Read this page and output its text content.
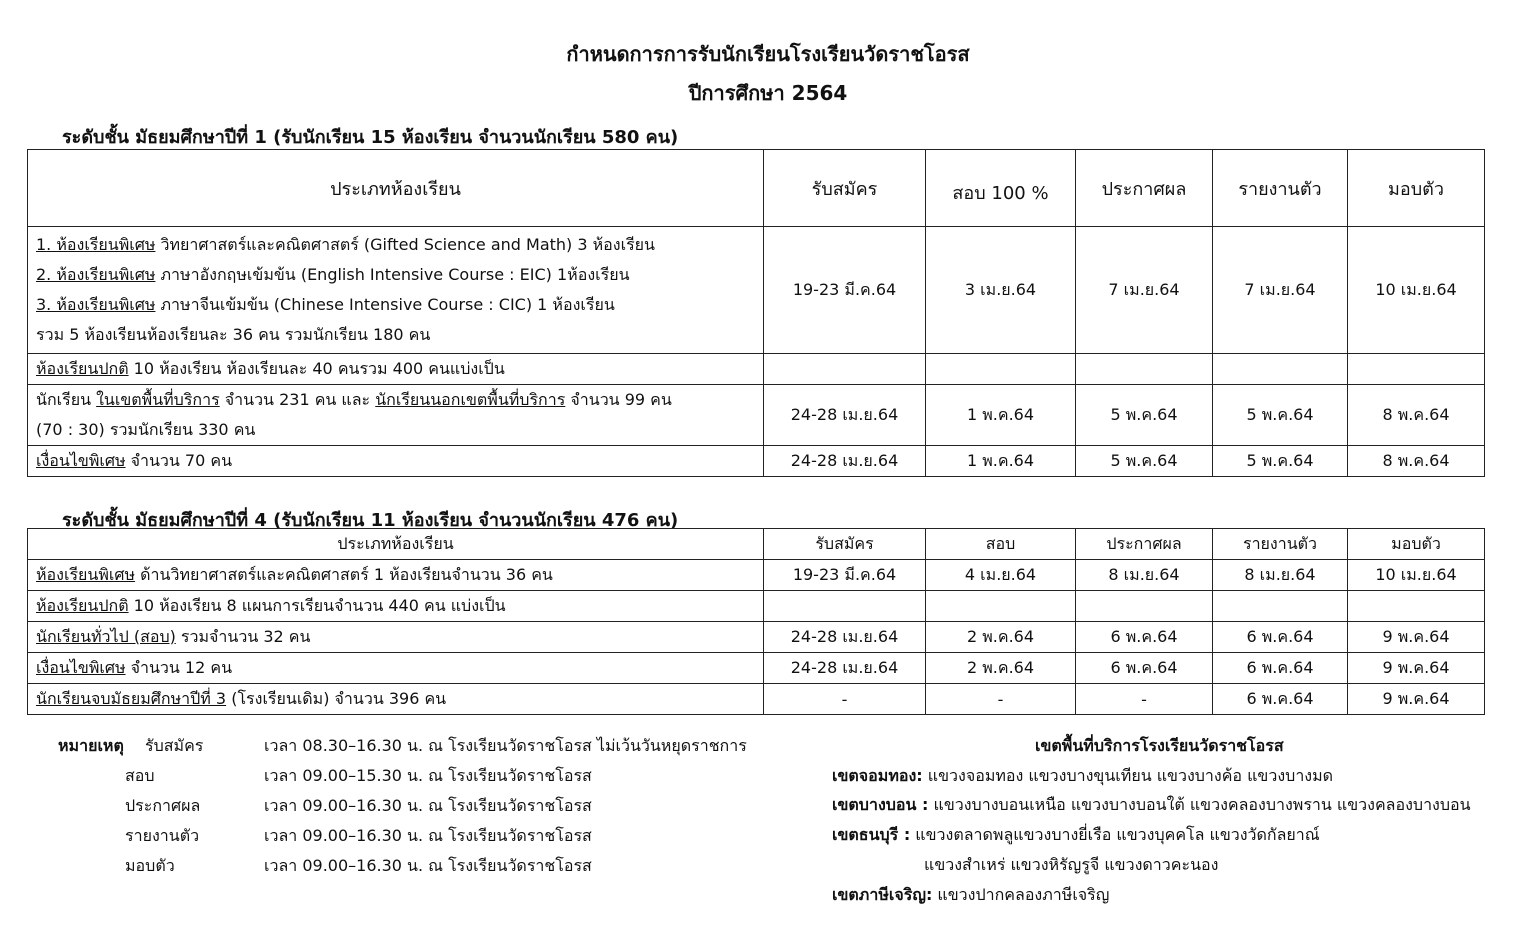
กำหนดการการรับนักเรียนโรงเรียนวัดราชโอรส
ปีการศึกษา 2564
ระดับชั้น มัธยมศึกษาปีที่ 1 (รับนักเรียน 15 ห้องเรียน จำนวนนักเรียน 580 คน)
ประเภทห้องเรียน	รับสมัคร	สอบ 100 %	ประกาศผล	รายงานตัว	มอบตัว

1. ห้องเรียนพิเศษ วิทยาศาสตร์และคณิตศาสตร์ (Gifted Science and Math) 3 ห้องเรียน
2. ห้องเรียนพิเศษ ภาษาอังกฤษเข้มข้น (English Intensive Course : EIC) 1ห้องเรียน
3. ห้องเรียนพิเศษ ภาษาจีนเข้มข้น (Chinese Intensive Course : CIC) 1 ห้องเรียน
รวม 5 ห้องเรียนห้องเรียนละ 36 คน รวมนักเรียน 180 คน	19-23 มี.ค.64	3 เม.ย.64	7 เม.ย.64	7 เม.ย.64	10 เม.ย.64
ห้องเรียนปกติ 10 ห้องเรียน ห้องเรียนละ 40 คนรวม 400 คนแบ่งเป็น					

นักเรียน ในเขตพื้นที่บริการ จำนวน 231 คน และ นักเรียนนอกเขตพื้นที่บริการ จำนวน 99 คน
(70 : 30) รวมนักเรียน 330 คน	24-28 เม.ย.64	1 พ.ค.64	5 พ.ค.64	5 พ.ค.64	8 พ.ค.64
เงื่อนไขพิเศษ จำนวน 70 คน	24-28 เม.ย.64	1 พ.ค.64	5 พ.ค.64	5 พ.ค.64	8 พ.ค.64
ระดับชั้น มัธยมศึกษาปีที่ 4 (รับนักเรียน 11 ห้องเรียน จำนวนนักเรียน 476 คน)
ประเภทห้องเรียน	รับสมัคร	สอบ	ประกาศผล	รายงานตัว	มอบตัว
ห้องเรียนพิเศษ ด้านวิทยาศาสตร์และคณิตศาสตร์ 1 ห้องเรียนจำนวน 36 คน	19-23 มี.ค.64	4 เม.ย.64	8 เม.ย.64	8 เม.ย.64	10 เม.ย.64
ห้องเรียนปกติ 10 ห้องเรียน 8 แผนการเรียนจำนวน 440 คน แบ่งเป็น					
นักเรียนทั่วไป (สอบ) รวมจำนวน 32 คน	24-28 เม.ย.64	2 พ.ค.64	6 พ.ค.64	6 พ.ค.64	9 พ.ค.64
เงื่อนไขพิเศษ จำนวน 12 คน	24-28 เม.ย.64	2 พ.ค.64	6 พ.ค.64	6 พ.ค.64	9 พ.ค.64
นักเรียนจบมัธยมศึกษาปีที่ 3 (โรงเรียนเดิม) จำนวน 396 คน	-	-	-	6 พ.ค.64	9 พ.ค.64
หมายเหตุ รับสมัคร	เวลา 08.30–16.30 น. ณ โรงเรียนวัดราชโอรส ไม่เว้นวันหยุดราชการ
สอบ	เวลา 09.00–15.30 น. ณ โรงเรียนวัดราชโอรส
ประกาศผล	เวลา 09.00–16.30 น. ณ โรงเรียนวัดราชโอรส
รายงานตัว	เวลา 09.00–16.30 น. ณ โรงเรียนวัดราชโอรส
มอบตัว	เวลา 09.00–16.30 น. ณ โรงเรียนวัดราชโอรส
เขตพื้นที่บริการโรงเรียนวัดราชโอรส
เขตจอมทอง: แขวงจอมทอง แขวงบางขุนเทียน แขวงบางค้อ แขวงบางมด
เขตบางบอน : แขวงบางบอนเหนือ แขวงบางบอนใต้ แขวงคลองบางพราน แขวงคลองบางบอน
เขตธนบุรี : แขวงตลาดพลูแขวงบางยี่เรือ แขวงบุคคโล แขวงวัดกัลยาณ์
แขวงสำเหร่ แขวงหิรัญรูจี แขวงดาวคะนอง
เขตภาษีเจริญ: แขวงปากคลองภาษีเจริญ
